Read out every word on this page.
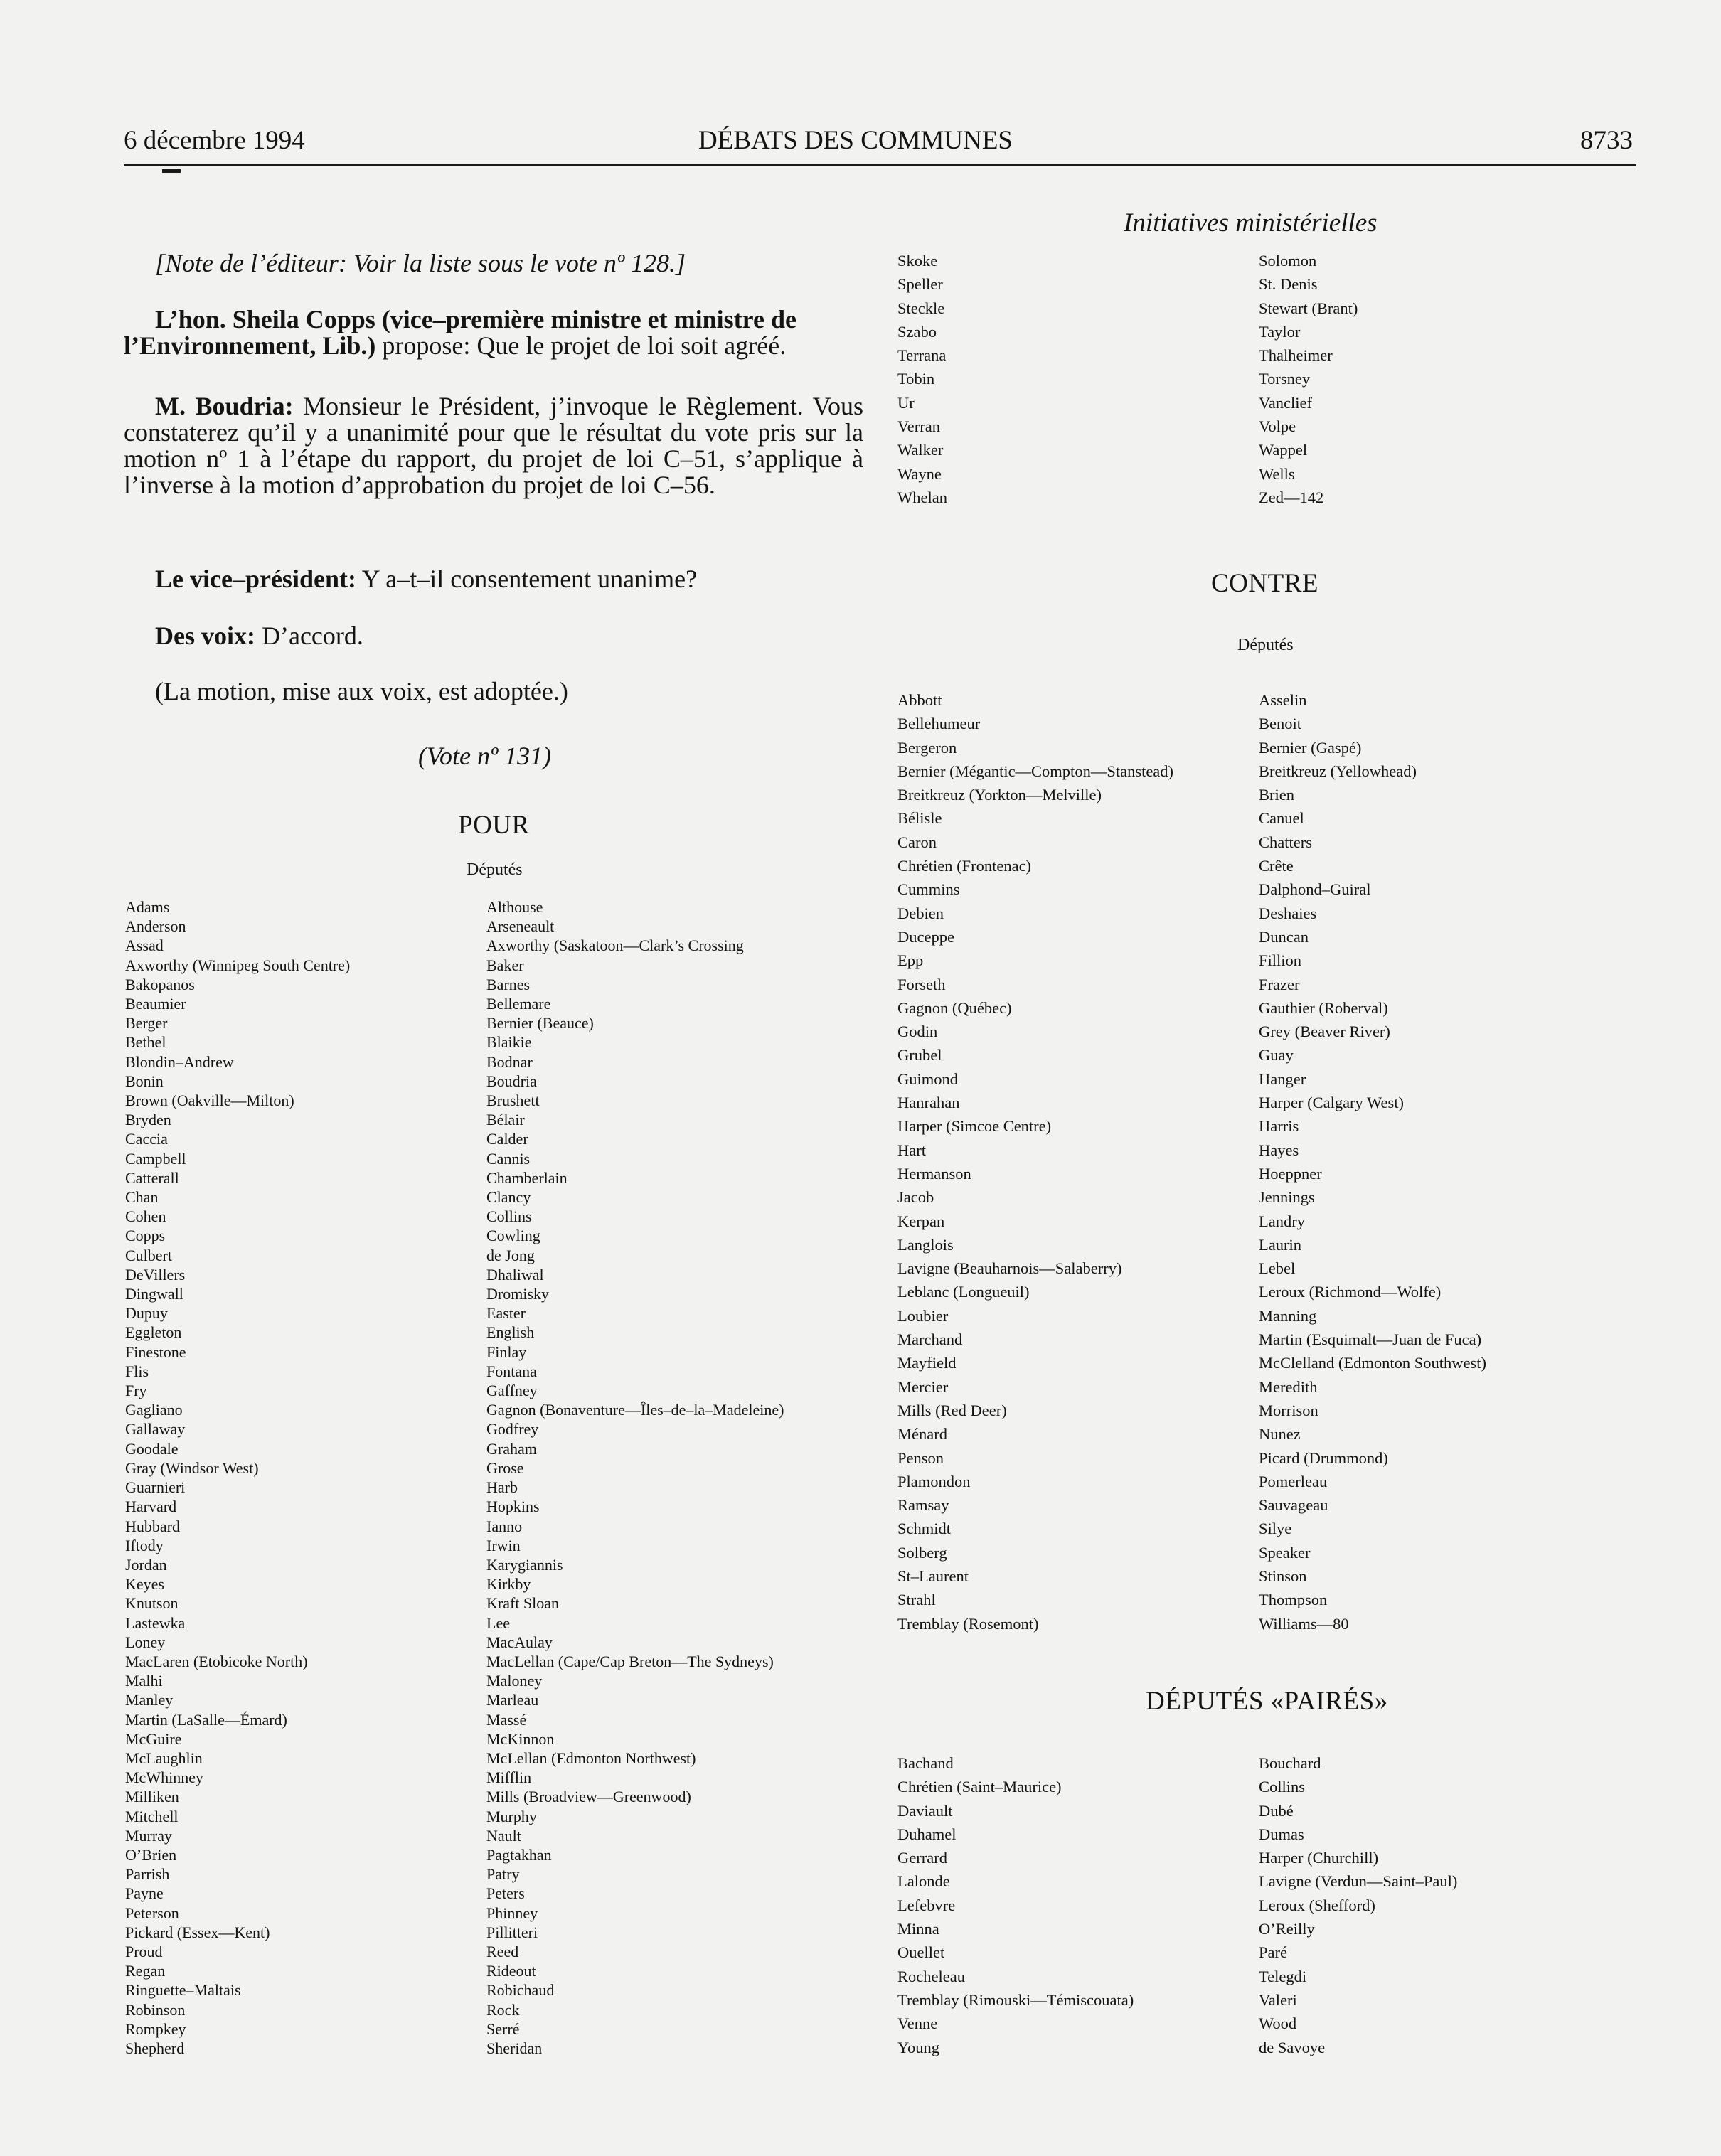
6 décembre 1994	DÉBATS DES COMMUNES	8733
Initiatives ministérielles
[Note de l’éditeur: Voir la liste sous le vote nº 128.]
L’hon. Sheila Copps (vice–première ministre et ministre de l’Environnement, Lib.) propose: Que le projet de loi soit agréé.
M. Boudria: Monsieur le Président, j’invoque le Règlement. Vous constaterez qu’il y a unanimité pour que le résultat du vote pris sur la motion nº 1 à l’étape du rapport, du projet de loi C–51, s’applique à l’inverse à la motion d’approbation du projet de loi C–56.
Le vice–président: Y a–t–il consentement unanime?
Des voix: D’accord.
(La motion, mise aux voix, est adoptée.)
(Vote nº 131)
POUR
Députés
Adams
Anderson
Assad
Axworthy (Winnipeg South Centre)
Bakopanos
Beaumier
Berger
Bethel
Blondin–Andrew
Bonin
Brown (Oakville—Milton)
Bryden
Caccia
Campbell
Catterall
Chan
Cohen
Copps
Culbert
DeVillers
Dingwall
Dupuy
Eggleton
Finestone
Flis
Fry
Gagliano
Gallaway
Goodale
Gray (Windsor West)
Guarnieri
Harvard
Hubbard
Iftody
Jordan
Keyes
Knutson
Lastewka
Loney
MacLaren (Etobicoke North)
Malhi
Manley
Martin (LaSalle—Émard)
McGuire
McLaughlin
McWhinney
Milliken
Mitchell
Murray
O’Brien
Parrish
Payne
Peterson
Pickard (Essex—Kent)
Proud
Regan
Ringuette–Maltais
Robinson
Rompkey
Shepherd
Althouse
Arseneault
Axworthy (Saskatoon—Clark’s Crossing
Baker
Barnes
Bellemare
Bernier (Beauce)
Blaikie
Bodnar
Boudria
Brushett
Bélair
Calder
Cannis
Chamberlain
Clancy
Collins
Cowling
de Jong
Dhaliwal
Dromisky
Easter
English
Finlay
Fontana
Gaffney
Gagnon (Bonaventure—Îles–de–la–Madeleine)
Godfrey
Graham
Grose
Harb
Hopkins
Ianno
Irwin
Karygiannis
Kirkby
Kraft Sloan
Lee
MacAulay
MacLellan (Cape/Cap Breton—The Sydneys)
Maloney
Marleau
Massé
McKinnon
McLellan (Edmonton Northwest)
Mifflin
Mills (Broadview—Greenwood)
Murphy
Nault
Pagtakhan
Patry
Peters
Phinney
Pillitteri
Reed
Rideout
Robichaud
Rock
Serré
Sheridan
Skoke
Speller
Steckle
Szabo
Terrana
Tobin
Ur
Verran
Walker
Wayne
Whelan
Solomon
St. Denis
Stewart (Brant)
Taylor
Thalheimer
Torsney
Vanclief
Volpe
Wappel
Wells
Zed—142
CONTRE
Députés
Abbott
Bellehumeur
Bergeron
Bernier (Mégantic—Compton—Stanstead)
Breitkreuz (Yorkton—Melville)
Bélisle
Caron
Chrétien (Frontenac)
Cummins
Debien
Duceppe
Epp
Forseth
Gagnon (Québec)
Godin
Grubel
Guimond
Hanrahan
Harper (Simcoe Centre)
Hart
Hermanson
Jacob
Kerpan
Langlois
Lavigne (Beauharnois—Salaberry)
Leblanc (Longueuil)
Loubier
Marchand
Mayfield
Mercier
Mills (Red Deer)
Ménard
Penson
Plamondon
Ramsay
Schmidt
Solberg
St–Laurent
Strahl
Tremblay (Rosemont)
Asselin
Benoit
Bernier (Gaspé)
Breitkreuz (Yellowhead)
Brien
Canuel
Chatters
Crête
Dalphond–Guiral
Deshaies
Duncan
Fillion
Frazer
Gauthier (Roberval)
Grey (Beaver River)
Guay
Hanger
Harper (Calgary West)
Harris
Hayes
Hoeppner
Jennings
Landry
Laurin
Lebel
Leroux (Richmond—Wolfe)
Manning
Martin (Esquimalt—Juan de Fuca)
McClelland (Edmonton Southwest)
Meredith
Morrison
Nunez
Picard (Drummond)
Pomerleau
Sauvageau
Silye
Speaker
Stinson
Thompson
Williams—80
DÉPUTÉS «PAIRÉS»
Bachand
Chrétien (Saint–Maurice)
Daviault
Duhamel
Gerrard
Lalonde
Lefebvre
Minna
Ouellet
Rocheleau
Tremblay (Rimouski—Témiscouata)
Venne
Young
Bouchard
Collins
Dubé
Dumas
Harper (Churchill)
Lavigne (Verdun—Saint–Paul)
Leroux (Shefford)
O’Reilly
Paré
Telegdi
Valeri
Wood
de Savoye
